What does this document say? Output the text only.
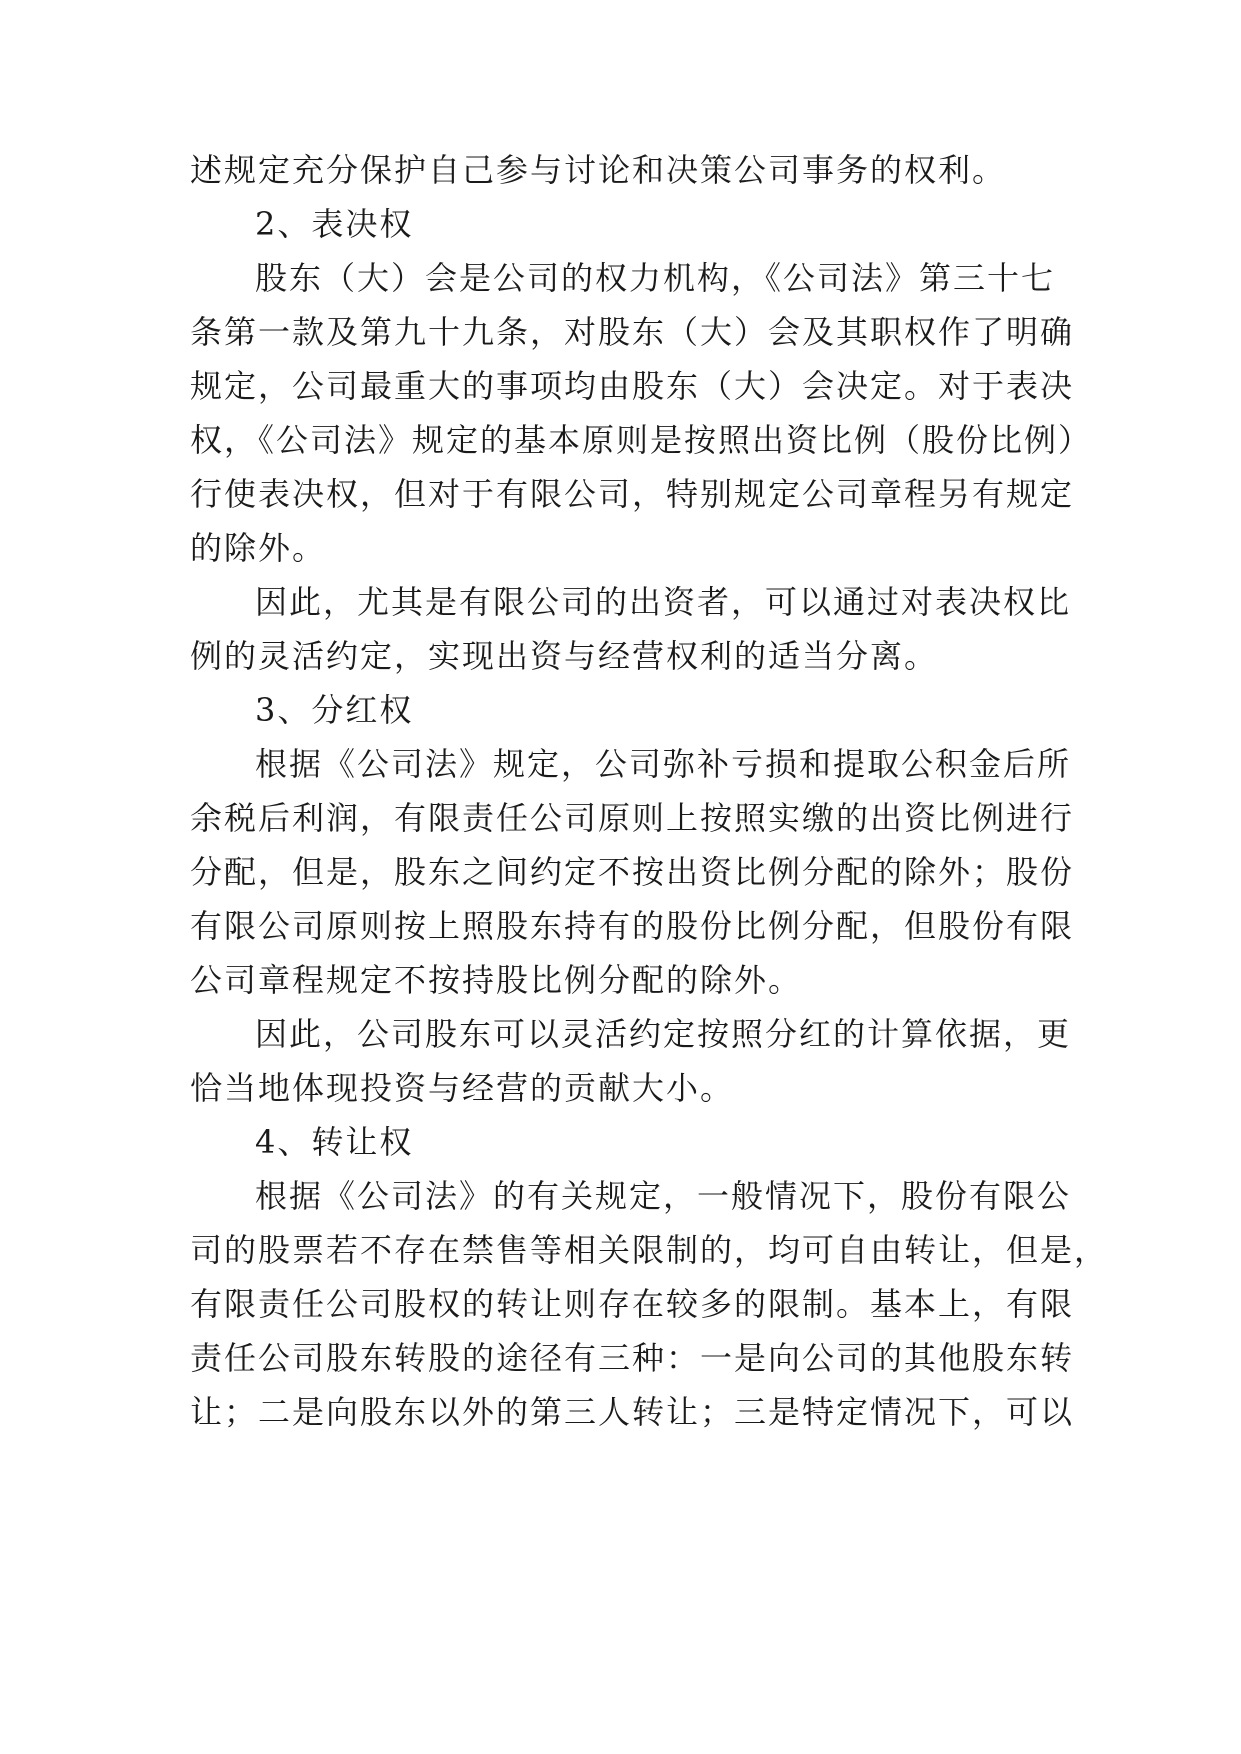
述规定充分保护自己参与讨论和决策公司事务的权利。
2、表决权
股东（大）会是公司的权力机构，《公司法》第三十七
条第一款及第九十九条，对股东（大）会及其职权作了明确
规定，公司最重大的事项均由股东（大）会决定。对于表决
权，《公司法》规定的基本原则是按照出资比例（股份比例）
行使表决权，但对于有限公司，特别规定公司章程另有规定
的除外。
因此，尤其是有限公司的出资者，可以通过对表决权比
例的灵活约定，实现出资与经营权利的适当分离。
3、分红权
根据《公司法》规定，公司弥补亏损和提取公积金后所
余税后利润，有限责任公司原则上按照实缴的出资比例进行
分配，但是，股东之间约定不按出资比例分配的除外；股份
有限公司原则按上照股东持有的股份比例分配，但股份有限
公司章程规定不按持股比例分配的除外。
因此，公司股东可以灵活约定按照分红的计算依据，更
恰当地体现投资与经营的贡献大小。
4、转让权
根据《公司法》的有关规定，一般情况下，股份有限公
司的股票若不存在禁售等相关限制的，均可自由转让，但是，
有限责任公司股权的转让则存在较多的限制。基本上，有限
责任公司股东转股的途径有三种：一是向公司的其他股东转
让；二是向股东以外的第三人转让；三是特定情况下，可以
